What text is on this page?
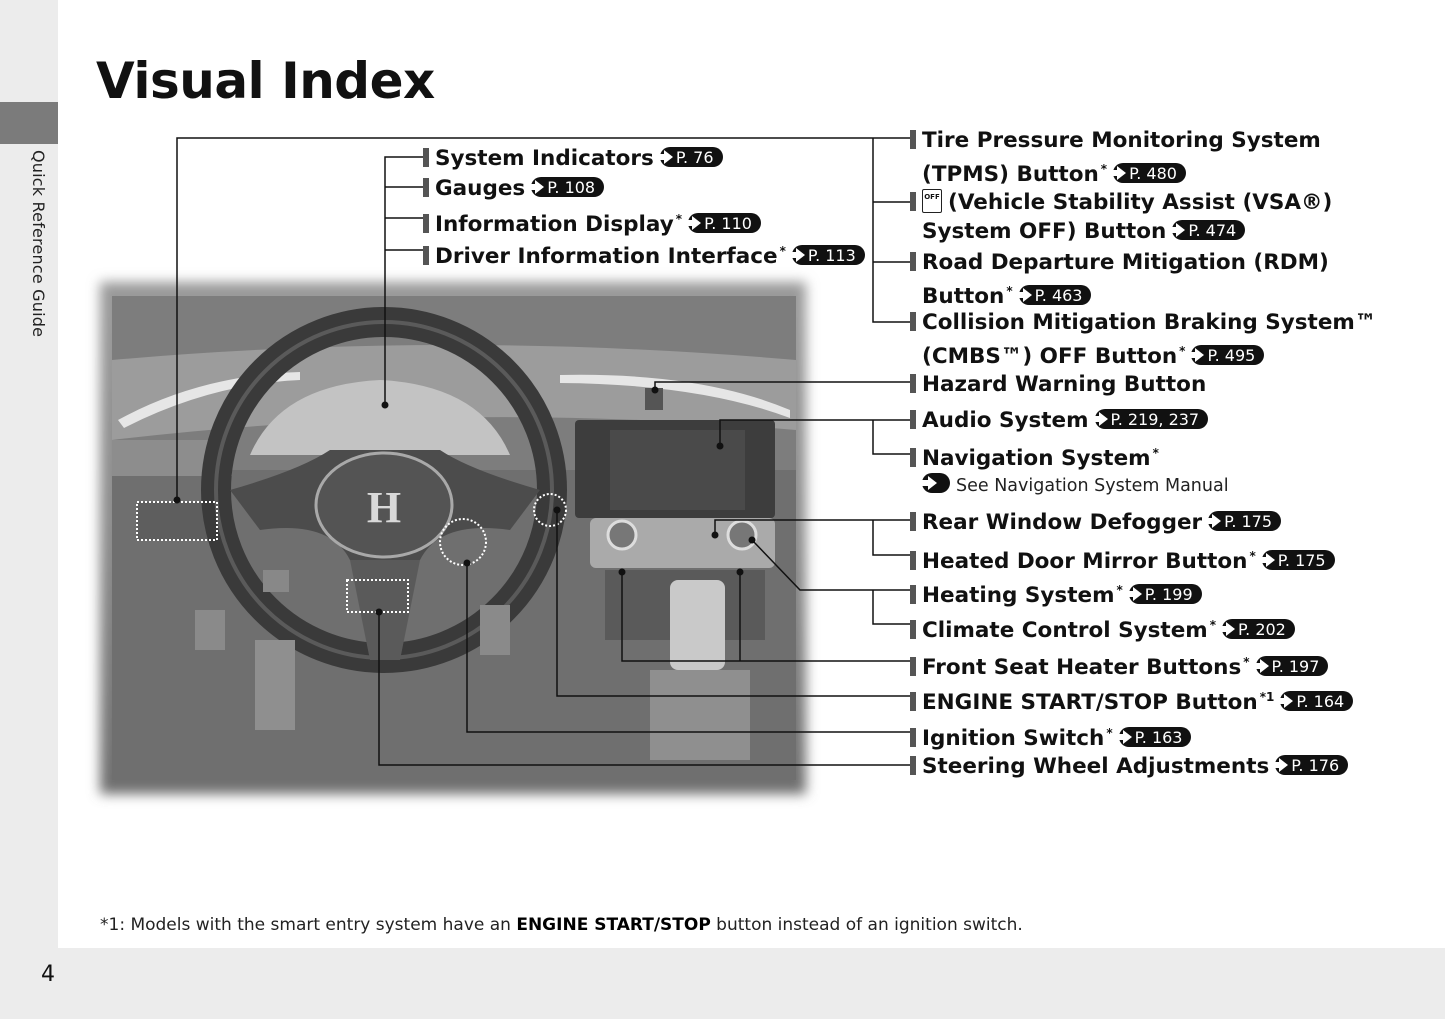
Quick Reference Guide
4
Visual Index
H
System Indicators P. 76
Gauges P. 108
Information Display * P. 110
Driver Information Interface * P. 113
Tire Pressure Monitoring System
(TPMS) Button * P. 480
OFF(Vehicle Stability Assist (VSA®)
System OFF) Button P. 474
Road Departure Mitigation (RDM)
Button * P. 463
Collision Mitigation Braking System™
(CMBS™) OFF Button * P. 495
Hazard Warning Button
Audio System P. 219, 237
Navigation System *
See Navigation System Manual
Rear Window Defogger P. 175
Heated Door Mirror Button * P. 175
Heating System * P. 199
Climate Control System * P. 202
Front Seat Heater Buttons * P. 197
ENGINE START/STOP Button $^{*1}$ P. 164
Ignition Switch * P. 163
Steering Wheel Adjustments P. 176
*1: Models with the smart entry system have an ENGINE START/STOP button instead of an ignition switch.
